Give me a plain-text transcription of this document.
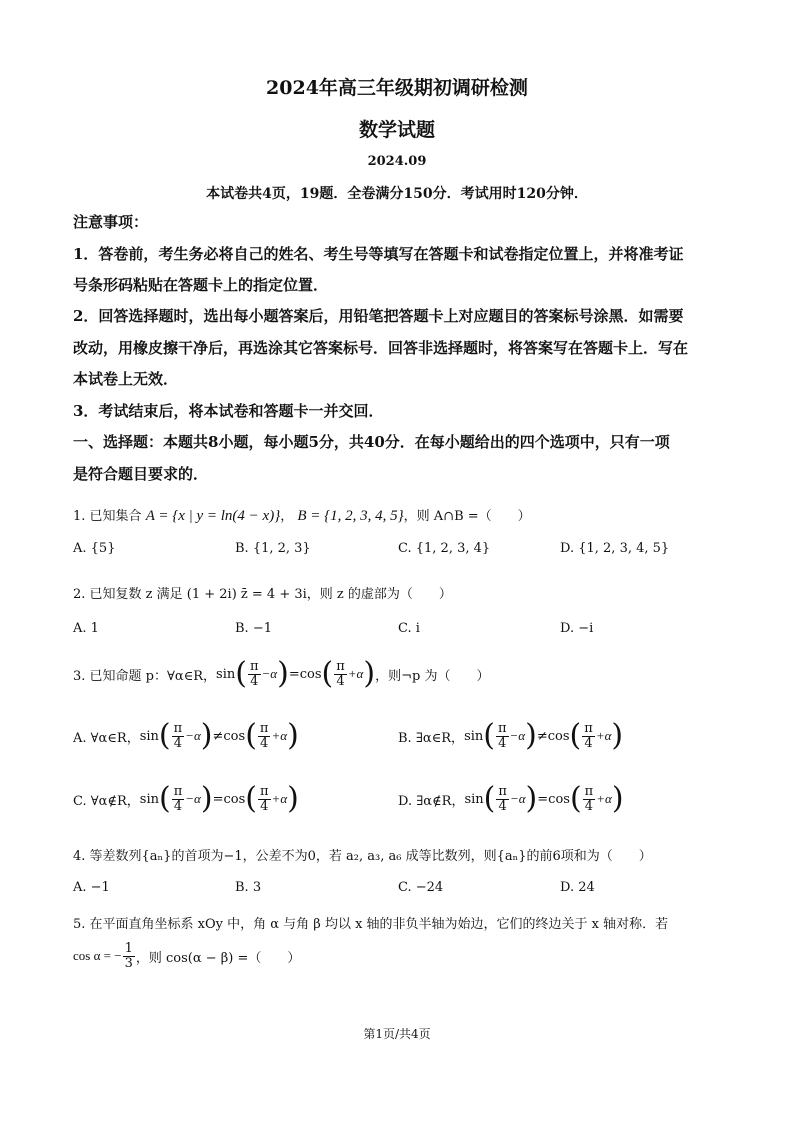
2024年高三年级期初调研检测
数学试题
2024.09
本试卷共4页，19题．全卷满分150分．考试用时120分钟．
注意事项：
1．答卷前，考生务必将自己的姓名、考生号等填写在答题卡和试卷指定位置上，并将准考证
号条形码粘贴在答题卡上的指定位置．
2．回答选择题时，选出每小题答案后，用铅笔把答题卡上对应题目的答案标号涂黑．如需要
改动，用橡皮擦干净后，再选涂其它答案标号．回答非选择题时，将答案写在答题卡上．写在
本试卷上无效．
3．考试结束后，将本试卷和答题卡一并交回．
一、选择题：本题共8小题，每小题5分，共40分．在每小题给出的四个选项中，只有一项
是符合题目要求的．
1. 已知集合 A = {x | y = ln(4 − x)}， B = {1, 2, 3, 4, 5}，则 A∩B =（　　）
A. {5}	B. {1, 2, 3}	C. {1, 2, 3, 4}	D. {1, 2, 3, 4, 5}
2. 已知复数 z 满足 (1 + 2i) z̄ = 4 + 3i，则 z 的虚部为（　　）
A. 1	B. −1	C. i	D. −i
3. 已知命题 p：∀α∈R， sin ( $\frac{\pi}{4} -\alpha$ ) = cos ( $\frac{\pi}{4} +\alpha$ ) ，则¬p 为（　　）
A. ∀α∈R， sin ( $\frac{\pi}{4} -\alpha$ ) ≠ cos ( $\frac{\pi}{4} +\alpha$ )	B. ∃α∈R， sin ( $\frac{\pi}{4} -\alpha$ ) ≠ cos ( $\frac{\pi}{4} +\alpha$ )
C. ∀α∉R， sin ( $\frac{\pi}{4} -\alpha$ ) = cos ( $\frac{\pi}{4} +\alpha$ )	D. ∃α∉R， sin ( $\frac{\pi}{4} -\alpha$ ) = cos ( $\frac{\pi}{4} +\alpha$ )
4. 等差数列{aₙ}的首项为−1，公差不为0，若 a₂, a₃, a₆ 成等比数列，则{aₙ}的前6项和为（　　）
A. −1	B. 3	C. −24	D. 24
5. 在平面直角坐标系 xOy 中，角 α 与角 β 均以 x 轴的非负半轴为始边，它们的终边关于 x 轴对称．若
cos α = − $\frac{1}{3}$ ，则 cos(α − β) =（　　）
第1页/共4页
